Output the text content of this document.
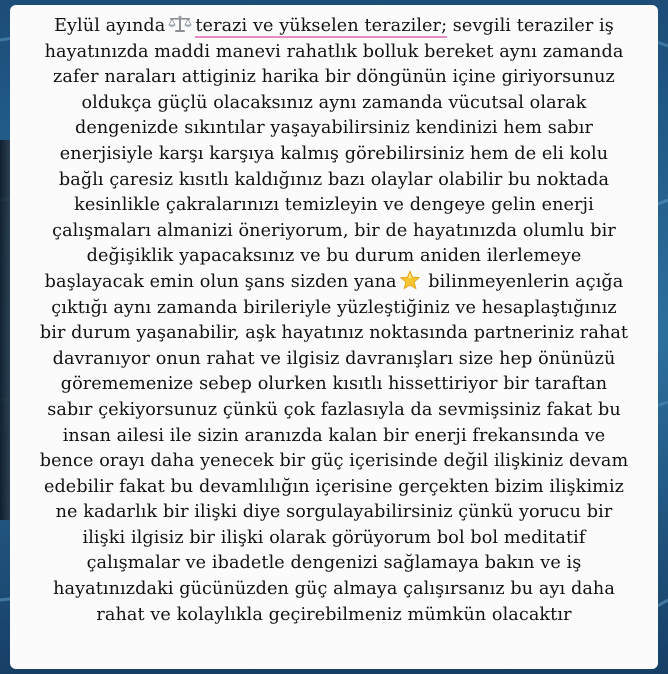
Eylül ayında terazi ve yükselen teraziler; sevgili teraziler iş
hayatınızda maddi manevi rahatlık bolluk bereket aynı zamanda
zafer naraları attiginiz harika bir döngünün içine giriyorsunuz
oldukça güçlü olacaksınız aynı zamanda vücutsal olarak
dengenizde sıkıntılar yaşayabilirsiniz kendinizi hem sabır
enerjisiyle karşı karşıya kalmış görebilirsiniz hem de eli kolu
bağlı çaresiz kısıtlı kaldığınız bazı olaylar olabilir bu noktada
kesinlikle çakralarınızı temizleyin ve dengeye gelin enerji
çalışmaları almanizi öneriyorum, bir de hayatınızda olumlu bir
değişiklik yapacaksınız ve bu durum aniden ilerlemeye
başlayacak emin olun şans sizden yana bilinmeyenlerin açığa
çıktığı aynı zamanda birileriyle yüzleştiğiniz ve hesaplaştığınız
bir durum yaşanabilir, aşk hayatınız noktasında partneriniz rahat
davranıyor onun rahat ve ilgisiz davranışları size hep önünüzü
görememenize sebep olurken kısıtlı hissettiriyor bir taraftan
sabır çekiyorsunuz çünkü çok fazlasıyla da sevmişsiniz fakat bu
insan ailesi ile sizin aranızda kalan bir enerji frekansında ve
bence orayı daha yenecek bir güç içerisinde değil ilişkiniz devam
edebilir fakat bu devamlılığın içerisine gerçekten bizim ilişkimiz
ne kadarlık bir ilişki diye sorgulayabilirsiniz çünkü yorucu bir
ilişki ilgisiz bir ilişki olarak görüyorum bol bol meditatif
çalışmalar ve ibadetle dengenizi sağlamaya bakın ve iş
hayatınızdaki gücünüzden güç almaya çalışırsanız bu ayı daha
rahat ve kolaylıkla geçirebilmeniz mümkün olacaktır
